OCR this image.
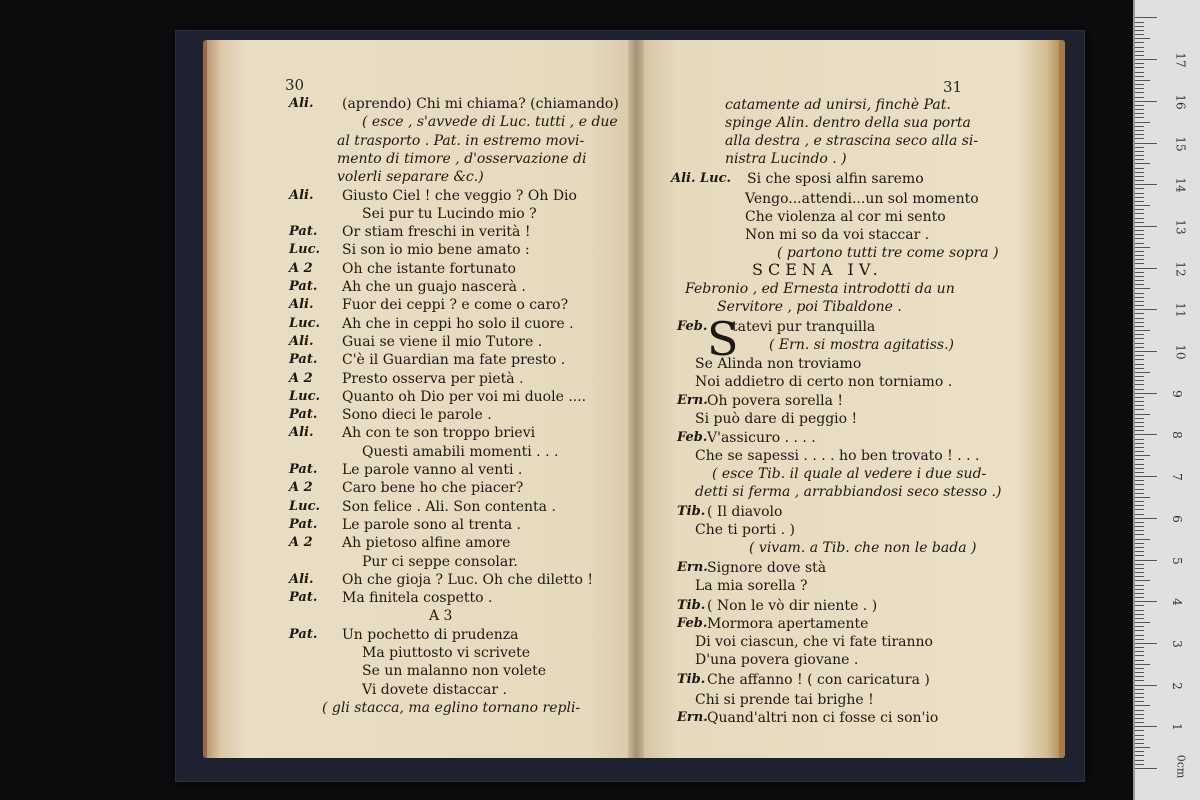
30
Ali. (aprendo) Chi mi chiama? (chiamando)
( esce , s'avvede di Luc. tutti , e due
al trasporto . Pat. in estremo movi-
mento di timore , d'osservazione di
volerli separare &c.)
Ali. Giusto Ciel ! che veggio ? Oh Dio
Sei pur tu Lucindo mio ?
Pat. Or stiam freschi in verità !
Luc. Si son io mio bene amato :
A 2 Oh che istante fortunato
Pat. Ah che un guajo nascerà .
Ali. Fuor dei ceppi ? e come o caro?
Luc. Ah che in ceppi ho solo il cuore .
Ali. Guai se viene il mio Tutore .
Pat. C'è il Guardian ma fate presto .
A 2 Presto osserva per pietà .
Luc. Quanto oh Dio per voi mi duole ....
Pat. Sono dieci le parole .
Ali. Ah con te son troppo brievi
Questi amabili momenti . . .
Pat. Le parole vanno al venti .
A 2 Caro bene ho che piacer?
Luc. Son felice . Ali. Son contenta .
Pat. Le parole sono al trenta .
A 2 Ah pietoso alfine amore
Pur ci seppe consolar.
Ali. Oh che gioja ? Luc. Oh che diletto !
Pat. Ma finitela cospetto .
A 3
Pat. Un pochetto di prudenza
Ma piuttosto vi scrivete
Se un malanno non volete
Vi dovete distaccar .
( gli stacca, ma eglino tornano repli-
31
S
catamente ad unirsi, finchè Pat.
spinge Alin. dentro della sua porta
alla destra , e strascina seco alla si-
nistra Lucindo . )
Ali. Luc. Si che sposi alfin saremo
Vengo...attendi...un sol momento
Che violenza al cor mi sento
Non mi so da voi staccar .
( partono tutti tre come sopra )
SCENA IV.
Febronio , ed Ernesta introdotti da un
Servitore , poi Tibaldone .
Feb. tatevi pur tranquilla
( Ern. si mostra agitatiss.)
Se Alinda non troviamo
Noi addietro di certo non torniamo .
Ern. Oh povera sorella !
Si può dare di peggio !
Feb. V'assicuro . . . .
Che se sapessi . . . . ho ben trovato ! . . .
( esce Tib. il quale al vedere i due sud-
detti si ferma , arrabbiandosi seco stesso .)
Tib. ( Il diavolo
Che ti porti . )
( vivam. a Tib. che non le bada )
Ern. Signore dove stà
La mia sorella ?
Tib. ( Non le vò dir niente . )
Feb. Mormora apertamente
Di voi ciascun, che vi fate tiranno
D'una povera giovane .
Tib. Che affanno ! ( con caricatura )
Chi si prende tai brighe !
Ern. Quand'altri non ci fosse ci son'io
0cm
17
16
15
14
13
12
11
10
9
8
7
6
5
4
3
2
1
